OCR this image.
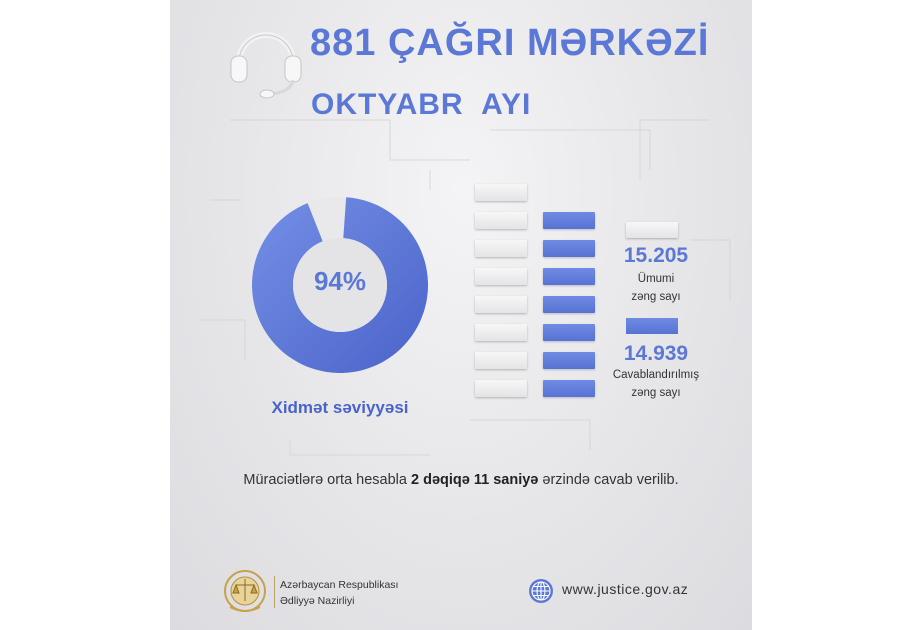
881 ÇAĞRI MƏRKƏZİ
OKTYABR  AYI
94%
Xidmət səviyyəsi
15.205
Ümumi
zəng sayı
14.939
Cavablandırılmış
zəng sayı
Müraciətlərə orta hesabla 2 dəqiqə 11 saniyə ərzində cavab verilib.
Azərbaycan Respublikası
Ədliyyə Nazirliyi
www.justice.gov.az
